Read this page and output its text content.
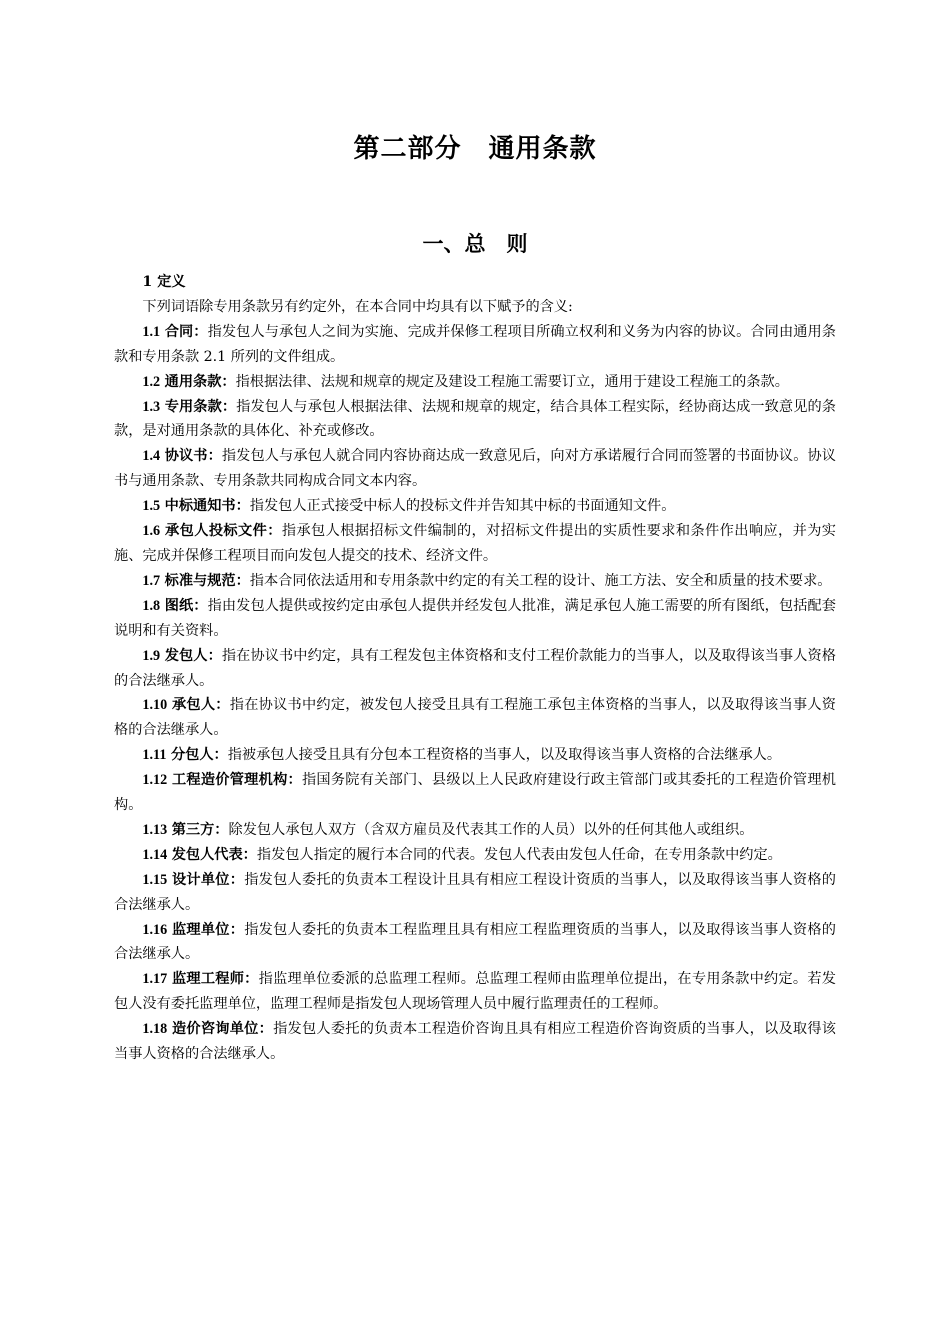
第二部分　通用条款
一、总　则

1 定义

下列词语除专用条款另有约定外，在本合同中均具有以下赋予的含义:

1.1 合同：指发包人与承包人之间为实施、完成并保修工程项目所确立权利和义务为内容的协议。合同由通用条款和专用条款 2.1 所列的文件组成。

1.2 通用条款：指根据法律、法规和规章的规定及建设工程施工需要订立，通用于建设工程施工的条款。

1.3 专用条款：指发包人与承包人根据法律、法规和规章的规定，结合具体工程实际，经协商达成一致意见的条款，是对通用条款的具体化、补充或修改。

1.4 协议书：指发包人与承包人就合同内容协商达成一致意见后，向对方承诺履行合同而签署的书面协议。协议书与通用条款、专用条款共同构成合同文本内容。

1.5 中标通知书：指发包人正式接受中标人的投标文件并告知其中标的书面通知文件。

1.6 承包人投标文件：指承包人根据招标文件编制的，对招标文件提出的实质性要求和条件作出响应，并为实施、完成并保修工程项目而向发包人提交的技术、经济文件。

1.7 标准与规范：指本合同依法适用和专用条款中约定的有关工程的设计、施工方法、安全和质量的技术要求。

1.8 图纸：指由发包人提供或按约定由承包人提供并经发包人批准，满足承包人施工需要的所有图纸，包括配套说明和有关资料。

1.9 发包人：指在协议书中约定，具有工程发包主体资格和支付工程价款能力的当事人，以及取得该当事人资格的合法继承人。

1.10 承包人：指在协议书中约定，被发包人接受且具有工程施工承包主体资格的当事人，以及取得该当事人资格的合法继承人。

1.11 分包人：指被承包人接受且具有分包本工程资格的当事人，以及取得该当事人资格的合法继承人。

1.12 工程造价管理机构：指国务院有关部门、县级以上人民政府建设行政主管部门或其委托的工程造价管理机构。

1.13 第三方：除发包人承包人双方（含双方雇员及代表其工作的人员）以外的任何其他人或组织。

1.14 发包人代表：指发包人指定的履行本合同的代表。发包人代表由发包人任命，在专用条款中约定。

1.15 设计单位：指发包人委托的负责本工程设计且具有相应工程设计资质的当事人，以及取得该当事人资格的合法继承人。

1.16 监理单位：指发包人委托的负责本工程监理且具有相应工程监理资质的当事人，以及取得该当事人资格的合法继承人。

1.17 监理工程师：指监理单位委派的总监理工程师。总监理工程师由监理单位提出，在专用条款中约定。若发包人没有委托监理单位，监理工程师是指发包人现场管理人员中履行监理责任的工程师。

1.18 造价咨询单位：指发包人委托的负责本工程造价咨询且具有相应工程造价咨询资质的当事人，以及取得该当事人资格的合法继承人。
